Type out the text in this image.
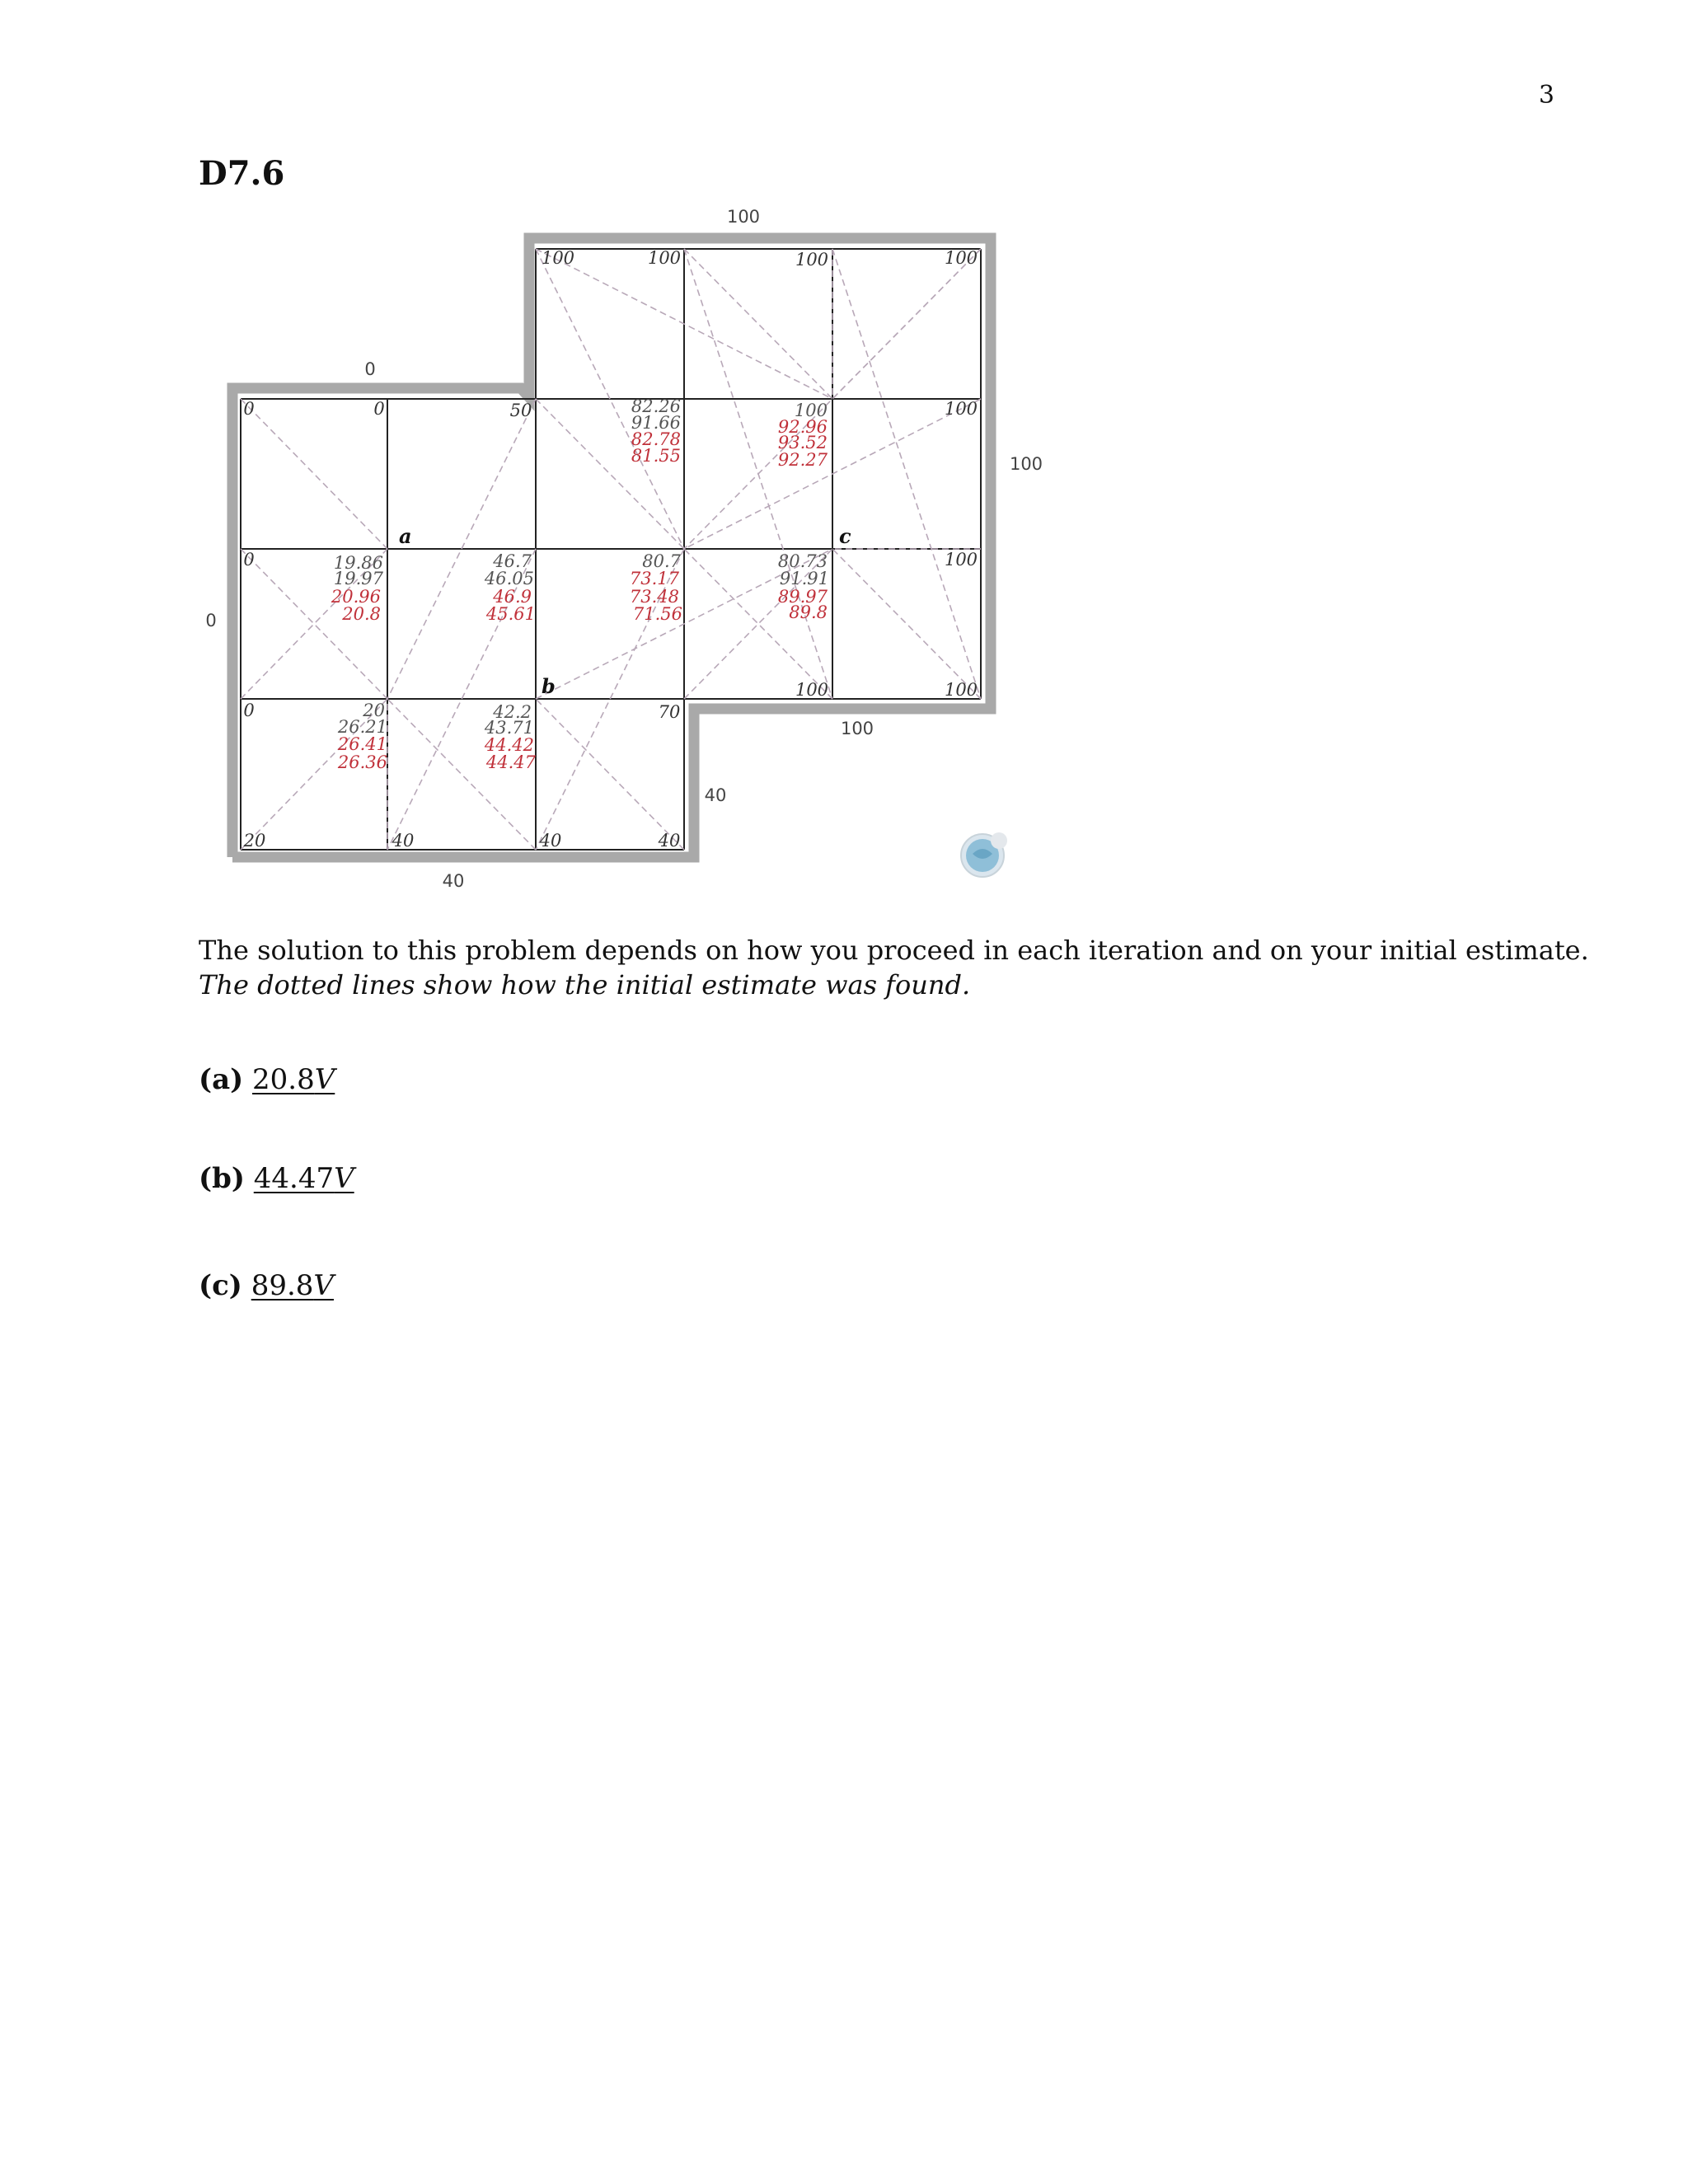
3
D7.6
100
100
100
40
40
0
0
100	100	100	100
0	0	50	100
0	100
0	70
100	100
20	40	40	40
a
b
c
82.26
91.66
82.78
81.55
100
92.96
93.52
92.27
19.86
19.97
20.96
20.8
46.7
46.05
46.9
45.61
80.7
73.17
73.48
71.56
80.73
91.91
89.97
89.8
20
26.21
26.41
26.36
42.2
43.71
44.42
44.47
The solution to this problem depends on how you proceed in each iteration and on your initial estimate.
The dotted lines show how the initial estimate was found.
(a) 20.8V
(b) 44.47V
(c) 89.8V
